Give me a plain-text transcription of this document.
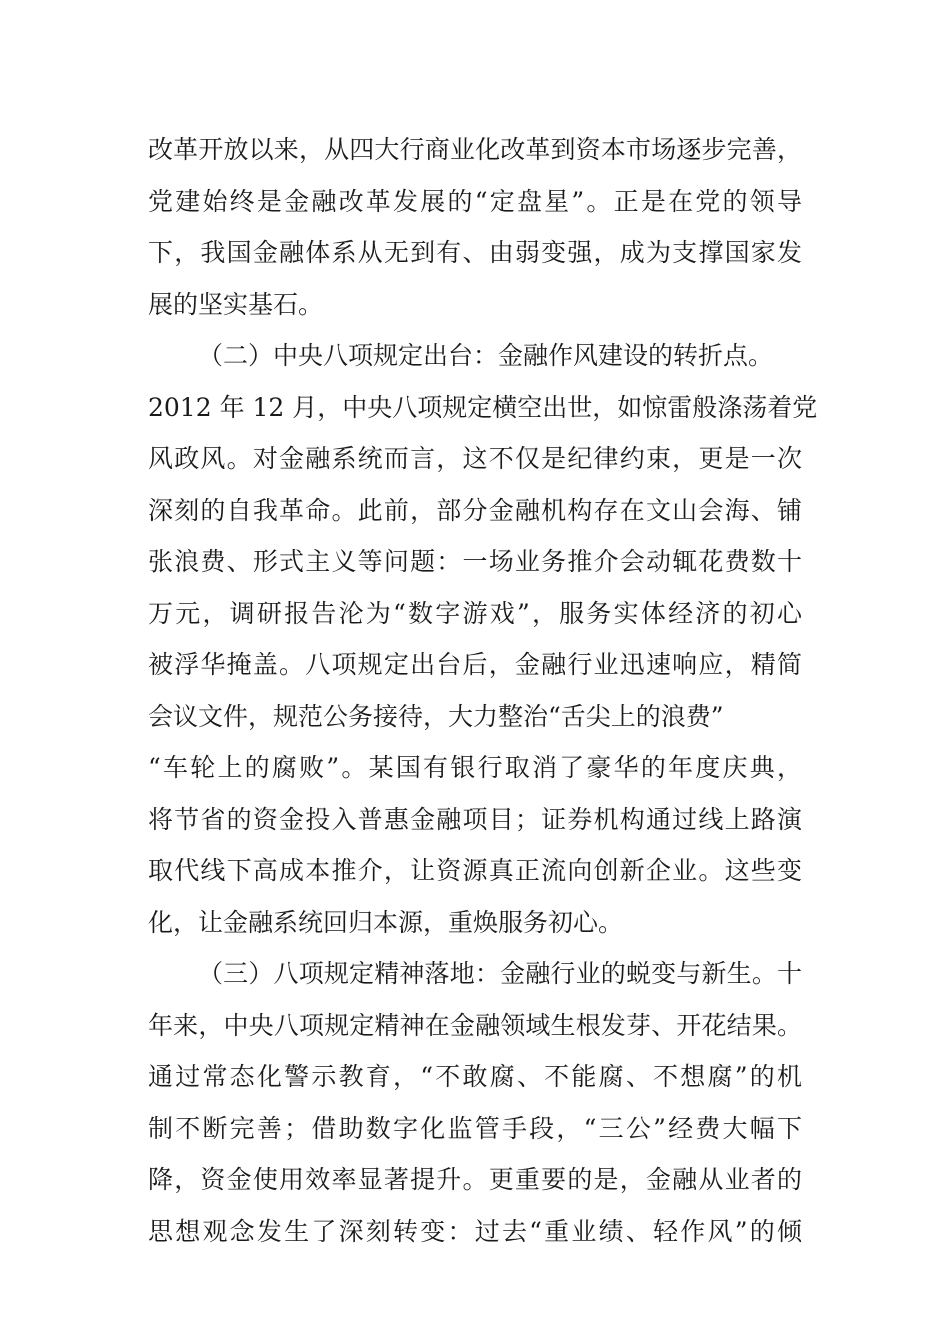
改革开放以来，从四大行商业化改革到资本市场逐步完善，
党建始终是金融改革发展的“定盘星”。正是在党的领导
下，我国金融体系从无到有、由弱变强，成为支撑国家发
展的坚实基石。
（二）中央八项规定出台：金融作风建设的转折点。
2012 年 12 月，中央八项规定横空出世，如惊雷般涤荡着党
风政风。对金融系统而言，这不仅是纪律约束，更是一次
深刻的自我革命。此前，部分金融机构存在文山会海、铺
张浪费、形式主义等问题：一场业务推介会动辄花费数十
万元，调研报告沦为“数字游戏”，服务实体经济的初心
被浮华掩盖。八项规定出台后，金融行业迅速响应，精简
会议文件，规范公务接待，大力整治“舌尖上的浪费”
“车轮上的腐败”。某国有银行取消了豪华的年度庆典，
将节省的资金投入普惠金融项目；证券机构通过线上路演
取代线下高成本推介，让资源真正流向创新企业。这些变
化，让金融系统回归本源，重焕服务初心。
（三）八项规定精神落地：金融行业的蜕变与新生。十
年来，中央八项规定精神在金融领域生根发芽、开花结果。
通过常态化警示教育，“不敢腐、不能腐、不想腐”的机
制不断完善；借助数字化监管手段，“三公”经费大幅下
降，资金使用效率显著提升。更重要的是，金融从业者的
思想观念发生了深刻转变：过去“重业绩、轻作风”的倾
